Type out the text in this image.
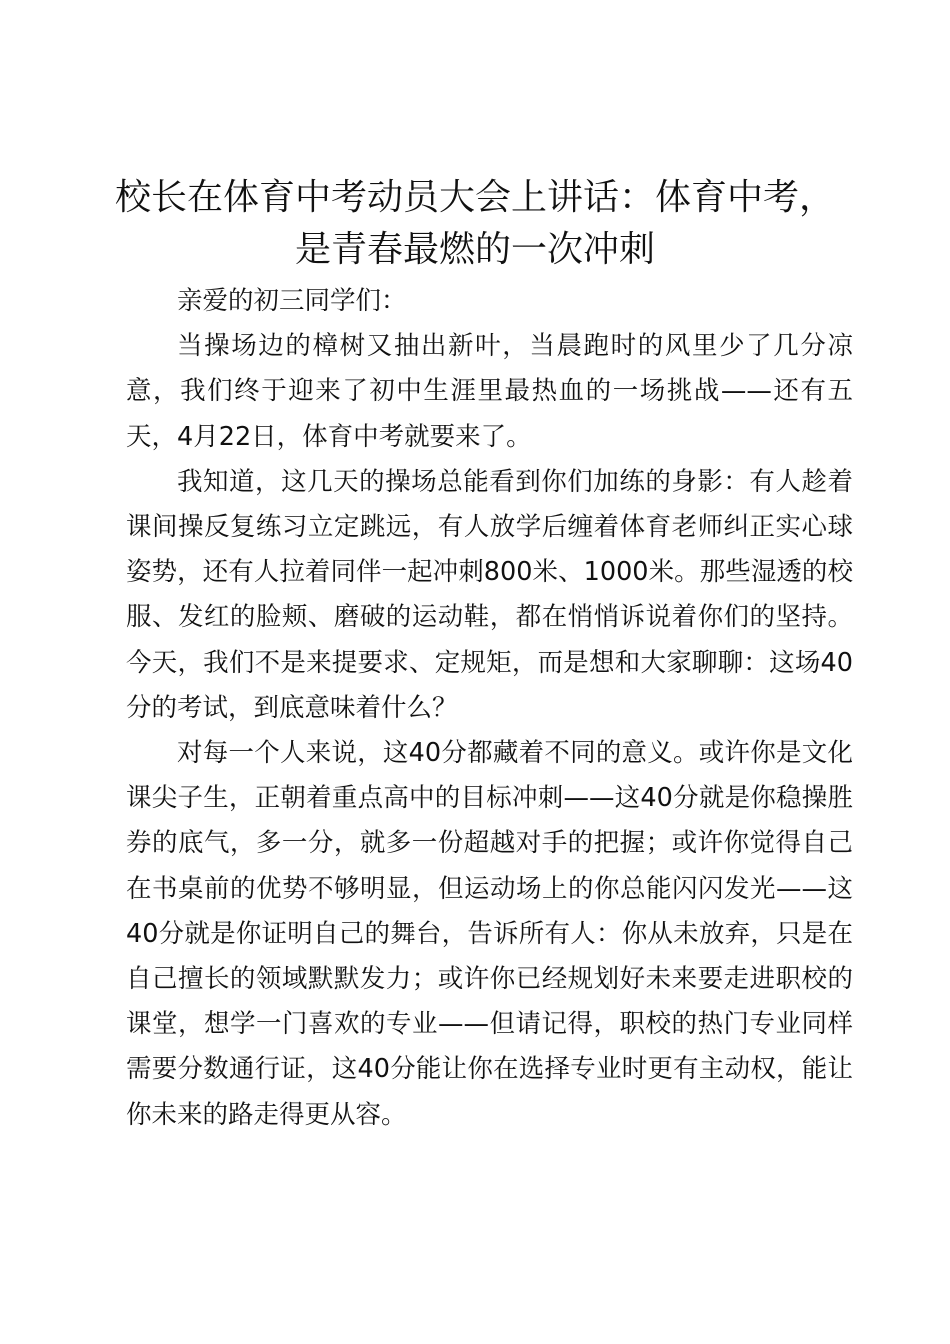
校长在体育中考动员大会上讲话：体育中考，
是青春最燃的一次冲刺

亲爱的初三同学们：

当操场边的樟树又抽出新叶，当晨跑时的风里少了几分凉意，我们终于迎来了初中生涯里最热血的一场挑战——还有五天，4月22日，体育中考就要来了。

我知道，这几天的操场总能看到你们加练的身影：有人趁着课间操反复练习立定跳远，有人放学后缠着体育老师纠正实心球姿势，还有人拉着同伴一起冲刺800米、1000米。那些湿透的校服、发红的脸颊、磨破的运动鞋，都在悄悄诉说着你们的坚持。今天，我们不是来提要求、定规矩，而是想和大家聊聊：这场40分的考试，到底意味着什么？

对每一个人来说，这40分都藏着不同的意义。或许你是文化课尖子生，正朝着重点高中的目标冲刺——这40分就是你稳操胜券的底气，多一分，就多一份超越对手的把握；或许你觉得自己在书桌前的优势不够明显，但运动场上的你总能闪闪发光——这40分就是你证明自己的舞台，告诉所有人：你从未放弃，只是在自己擅长的领域默默发力；或许你已经规划好未来要走进职校的课堂，想学一门喜欢的专业——但请记得，职校的热门专业同样需要分数通行证，这40分能让你在选择专业时更有主动权，能让你未来的路走得更从容。
